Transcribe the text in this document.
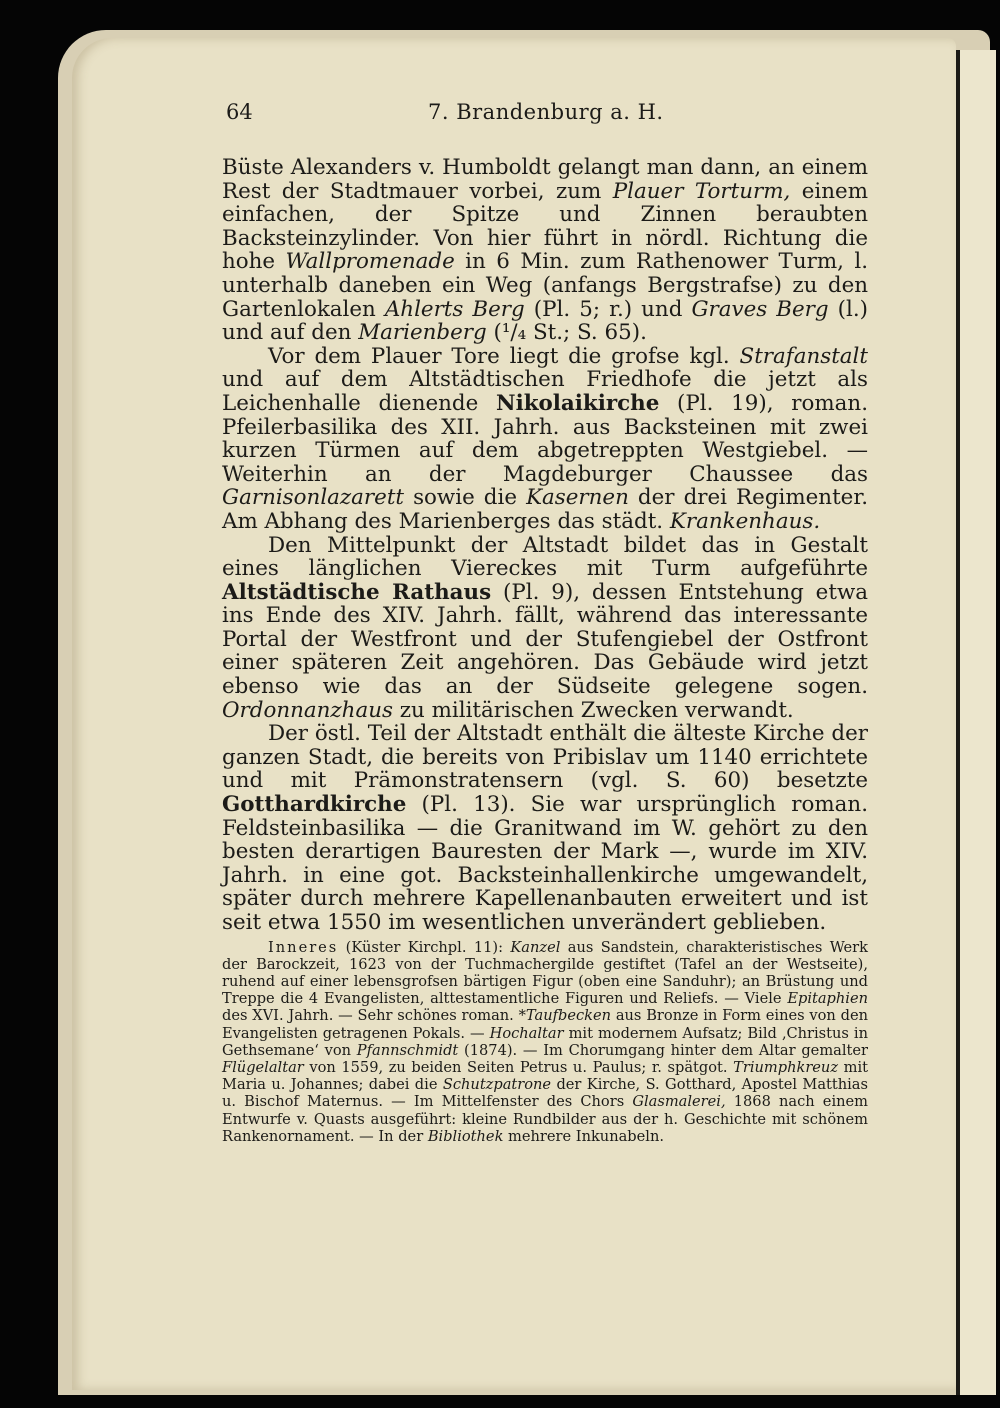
64	7. Brandenburg a. H.

Büste Alexanders v. Humboldt gelangt man dann, an einem Rest der Stadtmauer vorbei, zum Plauer Torturm, einem einfachen, der Spitze und Zinnen beraubten Backsteinzylinder. Von hier führt in nördl. Richtung die hohe Wallpromenade in 6 Min. zum Rathenower Turm, l. unterhalb daneben ein Weg (anfangs Bergstrafse) zu den Gartenlokalen Ahlerts Berg (Pl. 5; r.) und Graves Berg (l.) und auf den Marienberg (¹/₄ St.; S. 65).

Vor dem Plauer Tore liegt die grofse kgl. Strafanstalt und auf dem Altstädtischen Friedhofe die jetzt als Leichenhalle dienende Nikolaikirche (Pl. 19), roman. Pfeilerbasilika des XII. Jahrh. aus Backsteinen mit zwei kurzen Türmen auf dem abgetreppten Westgiebel. — Weiterhin an der Magdeburger Chaussee das Garnisonlazarett sowie die Kasernen der drei Regimenter. Am Abhang des Marienberges das städt. Krankenhaus.

Den Mittelpunkt der Altstadt bildet das in Gestalt eines länglichen Viereckes mit Turm aufgeführte Altstädtische Rathaus (Pl. 9), dessen Entstehung etwa ins Ende des XIV. Jahrh. fällt, während das interessante Portal der Westfront und der Stufengiebel der Ostfront einer späteren Zeit angehören. Das Gebäude wird jetzt ebenso wie das an der Südseite gelegene sogen. Ordonnanzhaus zu militärischen Zwecken verwandt.

Der östl. Teil der Altstadt enthält die älteste Kirche der ganzen Stadt, die bereits von Pribislav um 1140 errichtete und mit Prämonstratensern (vgl. S. 60) besetzte Gotthardkirche (Pl. 13). Sie war ursprünglich roman. Feldsteinbasilika — die Granitwand im W. gehört zu den besten derartigen Bauresten der Mark —, wurde im XIV. Jahrh. in eine got. Backsteinhallenkirche umgewandelt, später durch mehrere Kapellenanbauten erweitert und ist seit etwa 1550 im wesentlichen unverändert geblieben.

Inneres (Küster Kirchpl. 11): Kanzel aus Sandstein, charakteristisches Werk der Barockzeit, 1623 von der Tuchmachergilde gestiftet (Tafel an der Westseite), ruhend auf einer lebensgrofsen bärtigen Figur (oben eine Sanduhr); an Brüstung und Treppe die 4 Evangelisten, alttestamentliche Figuren und Reliefs. — Viele Epitaphien des XVI. Jahrh. — Sehr schönes roman. *Taufbecken aus Bronze in Form eines von den Evangelisten getragenen Pokals. — Hochaltar mit modernem Aufsatz; Bild ‚Christus in Gethsemane‘ von Pfannschmidt (1874). — Im Chorumgang hinter dem Altar gemalter Flügelaltar von 1559, zu beiden Seiten Petrus u. Paulus; r. spätgot. Triumphkreuz mit Maria u. Johannes; dabei die Schutzpatrone der Kirche, S. Gotthard, Apostel Matthias u. Bischof Maternus. — Im Mittelfenster des Chors Glasmalerei, 1868 nach einem Entwurfe v. Quasts ausgeführt: kleine Rundbilder aus der h. Geschichte mit schönem Rankenornament. — In der Bibliothek mehrere Inkunabeln.
